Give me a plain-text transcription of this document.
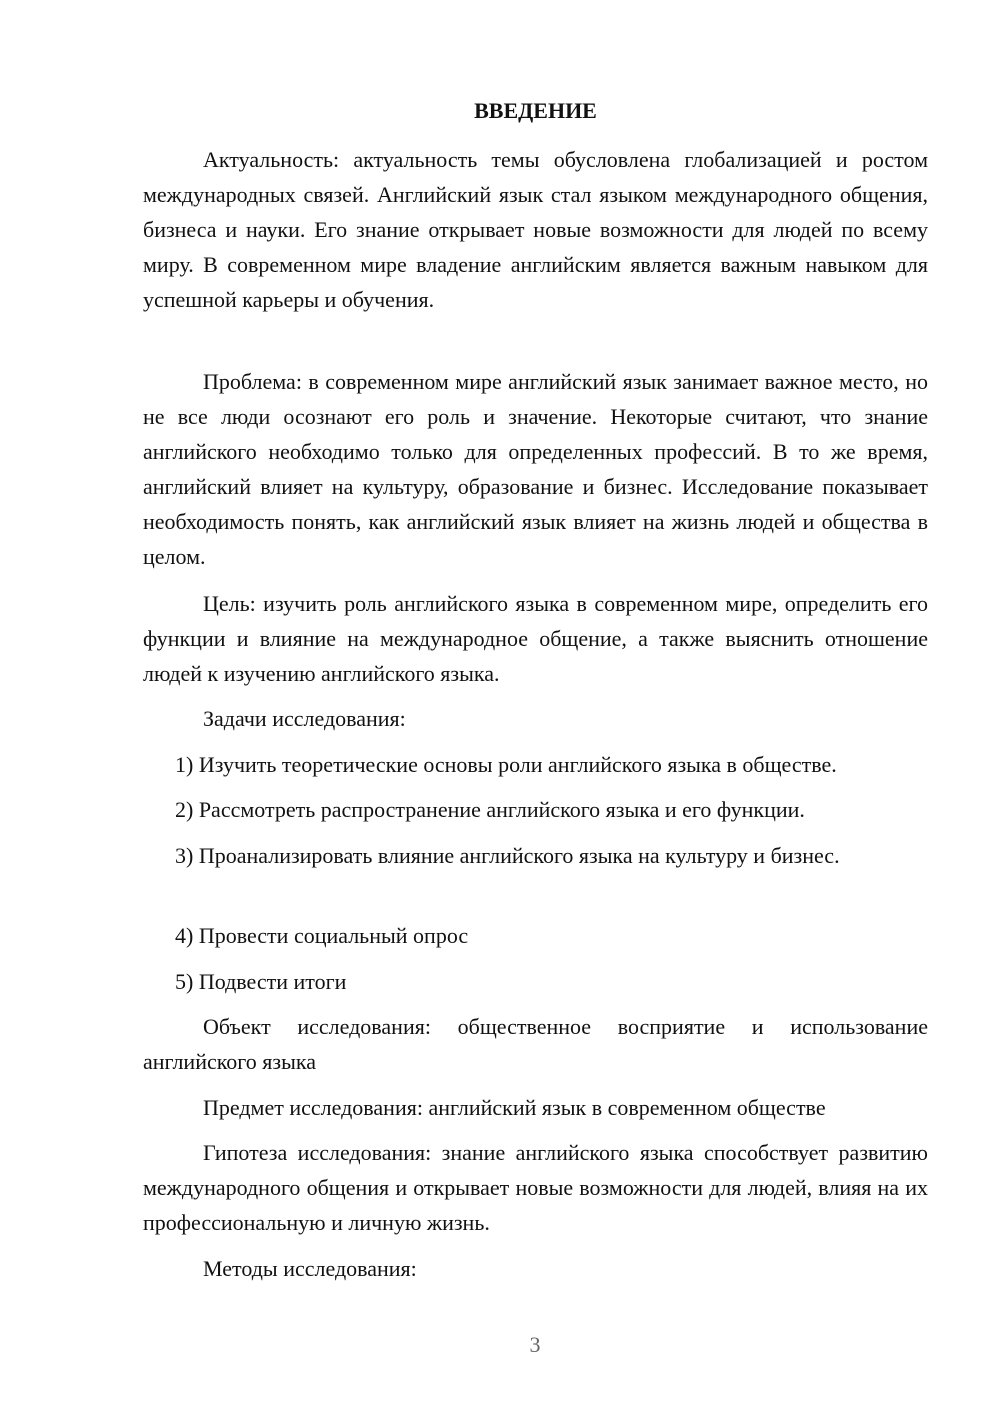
ВВЕДЕНИЕ

Актуальность: актуальность темы обусловлена глобализацией и ростом международных связей. Английский язык стал языком международного общения, бизнеса и науки. Его знание открывает новые возможности для людей по всему миру. В современном мире владение английским является важным навыком для успешной карьеры и обучения.

Проблема: в современном мире английский язык занимает важное место, но не все люди осознают его роль и значение. Некоторые считают, что знание английского необходимо только для определенных профессий. В то же время, английский влияет на культуру, образование и бизнес. Исследование показывает необходимость понять, как английский язык влияет на жизнь людей и общества в целом.

Цель: изучить роль английского языка в современном мире, определить его функции и влияние на международное общение, а также выяснить отношение людей к изучению английского языка.

Задачи исследования:

1) Изучить теоретические основы роли английского языка в обществе.

2) Рассмотреть распространение английского языка и его функции.

3) Проанализировать влияние английского языка на культуру и бизнес.

4) Провести социальный опрос

5) Подвести итоги

Объект исследования: общественное восприятие и использование английского языка

Предмет исследования: английский язык в современном обществе

Гипотеза исследования: знание английского языка способствует развитию международного общения и открывает новые возможности для людей, влияя на их профессиональную и личную жизнь.

Методы исследования:

3
